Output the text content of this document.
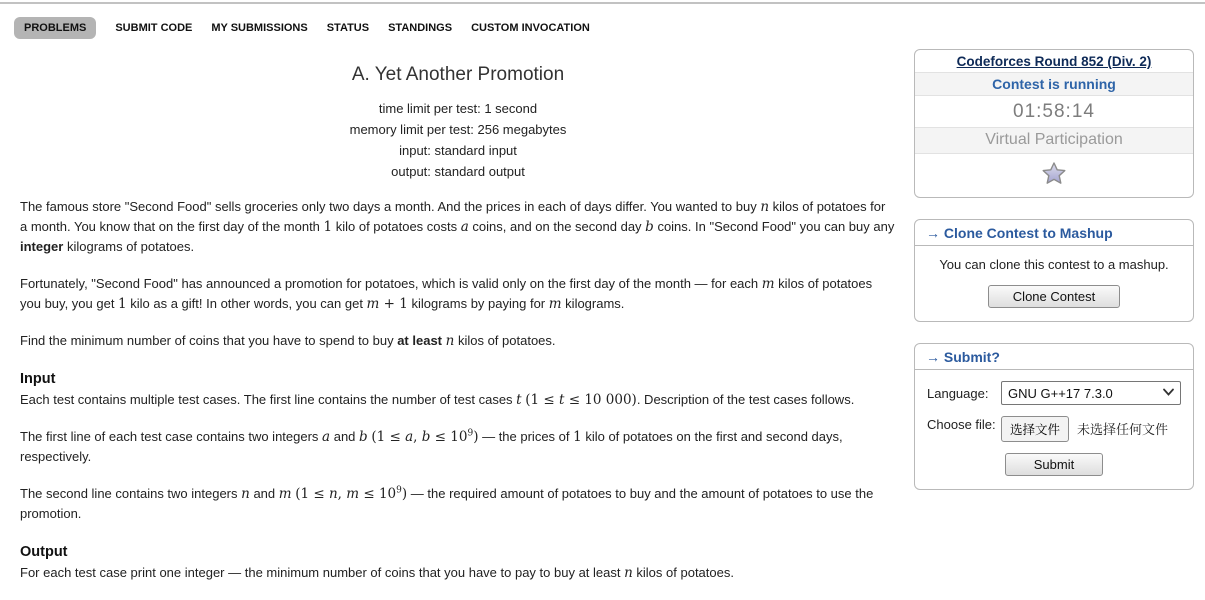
PROBLEMS	SUBMIT CODE MY SUBMISSIONS STATUS STANDINGS CUSTOM INVOCATION
A. Yet Another Promotion
time limit per test: 1 second
memory limit per test: 256 megabytes
input: standard input
output: standard output

The famous store "Second Food" sells groceries only two days a month. And the prices in each of days differ. You wanted to buy n kilos of potatoes for a month. You know that on the first day of the month 1 kilo of potatoes costs a coins, and on the second day b coins. In "Second Food" you can buy any integer kilograms of potatoes.

Fortunately, "Second Food" has announced a promotion for potatoes, which is valid only on the first day of the month — for each m kilos of potatoes you buy, you get 1 kilo as a gift! In other words, you can get m + 1 kilograms by paying for m kilograms.

Find the minimum number of coins that you have to spend to buy at least n kilos of potatoes.

Input

Each test contains multiple test cases. The first line contains the number of test cases t (1 ≤ t ≤ 10 000). Description of the test cases follows.

The first line of each test case contains two integers a and b (1 ≤ a, $b \le 10^9$) — the prices of 1 kilo of potatoes on the first and second days, respectively.

The second line contains two integers n and m (1 ≤ n, $m \le 10^9$) — the required amount of potatoes to buy and the amount of potatoes to use the promotion.

Output

For each test case print one integer — the minimum number of coins that you have to pay to buy at least n kilos of potatoes.

Codeforces Round 852 (Div. 2)
Contest is running
01:58:14
Virtual Participation
→ Clone Contest to Mashup
You can clone this contest to a mashup.
Clone Contest
→ Submit?
Language:
GNU G++17 7.3.0
Choose file:	选择文件 未选择任何文件
Submit
